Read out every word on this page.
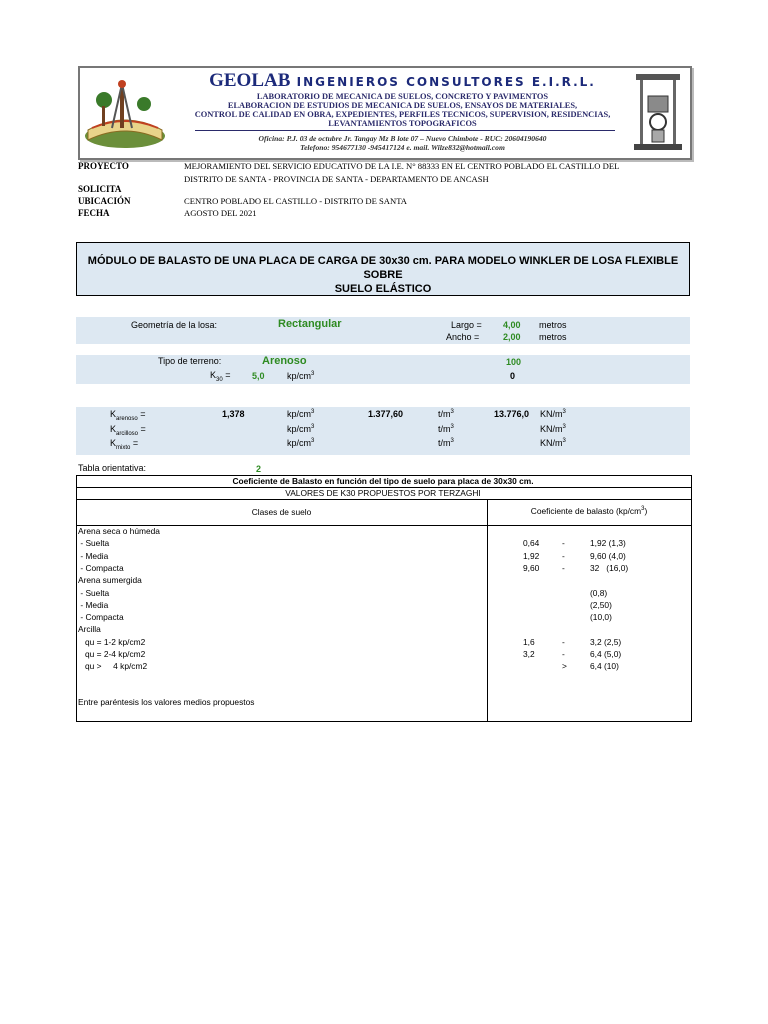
GEOLAB INGENIEROS CONSULTORES E.I.R.L.
LABORATORIO DE MECANICA DE SUELOS, CONCRETO Y PAVIMENTOS
ELABORACION DE ESTUDIOS DE MECANICA DE SUELOS, ENSAYOS DE MATERIALES,
CONTROL DE CALIDAD EN OBRA, EXPEDIENTES, PERFILES TECNICOS, SUPERVISION, RESIDENCIAS,
LEVANTAMIENTOS TOPOGRAFICOS
Oficina: P.J. 03 de octubre Jr. Tangay Mz B lote 07 – Nuevo Chimbote - RUC: 20604190640
Telefono: 954677130 -945417124 e. mail. Wilze832@hotmail.com
PROYECTO	MEJORAMIENTO DEL SERVICIO EDUCATIVO DE LA I.E. N° 88333 EN EL CENTRO POBLADO EL CASTILLO DEL
DISTRITO DE SANTA - PROVINCIA DE SANTA - DEPARTAMENTO DE ANCASH
SOLICITA
UBICACIÓN	CENTRO POBLADO EL CASTILLO - DISTRITO DE SANTA
FECHA	AGOSTO DEL 2021
MÓDULO DE BALASTO DE UNA PLACA DE CARGA DE 30x30 cm. PARA MODELO WINKLER DE LOSA FLEXIBLE SOBRE
SUELO ELÁSTICO
Geometría de la losa:	Rectangular	Largo = 4,00 metros
Ancho =	2,00 metros
Tipo de terreno:	Arenoso	100
$K_{30} = 5,0$ $kp/cm^3$	0
$K_{arenoso}$ =	1,378	$kp/cm^3$	1.377,60	$t/m^3$	13.776,0 $KN/m^3$
$K_{arcilloso}$ =	$kp/cm^3$	$t/m^3$	$KN/m^3$
$K_{mixto}$ =	$kp/cm^3$	$t/m^3$	$KN/m^3$
Tabla orientativa:	2
Coeficiente de Balasto en función del tipo de suelo para placa de 30x30 cm.
VALORES DE K30 PROPUESTOS POR TERZAGHI
Clases de suelo	Coeficiente de balasto $(kp/cm^3)$
Arena seca o húmeda
- Suelta	0,64	-	1,92 (1,3)
- Media	1,92	-	9,60 (4,0)
- Compacta	9,60	-	32   (16,0)
Arena sumergida
- Suelta	(0,8)
- Media	(2,50)
- Compacta	(10,0)
Arcilla
qu = 1-2 kp/cm2	1,6	-	3,2 (2,5)
qu = 2-4 kp/cm2	3,2	-	6,4 (5,0)
qu >     4 kp/cm2	>	6,4 (10)
Entre paréntesis los valores medios propuestos
